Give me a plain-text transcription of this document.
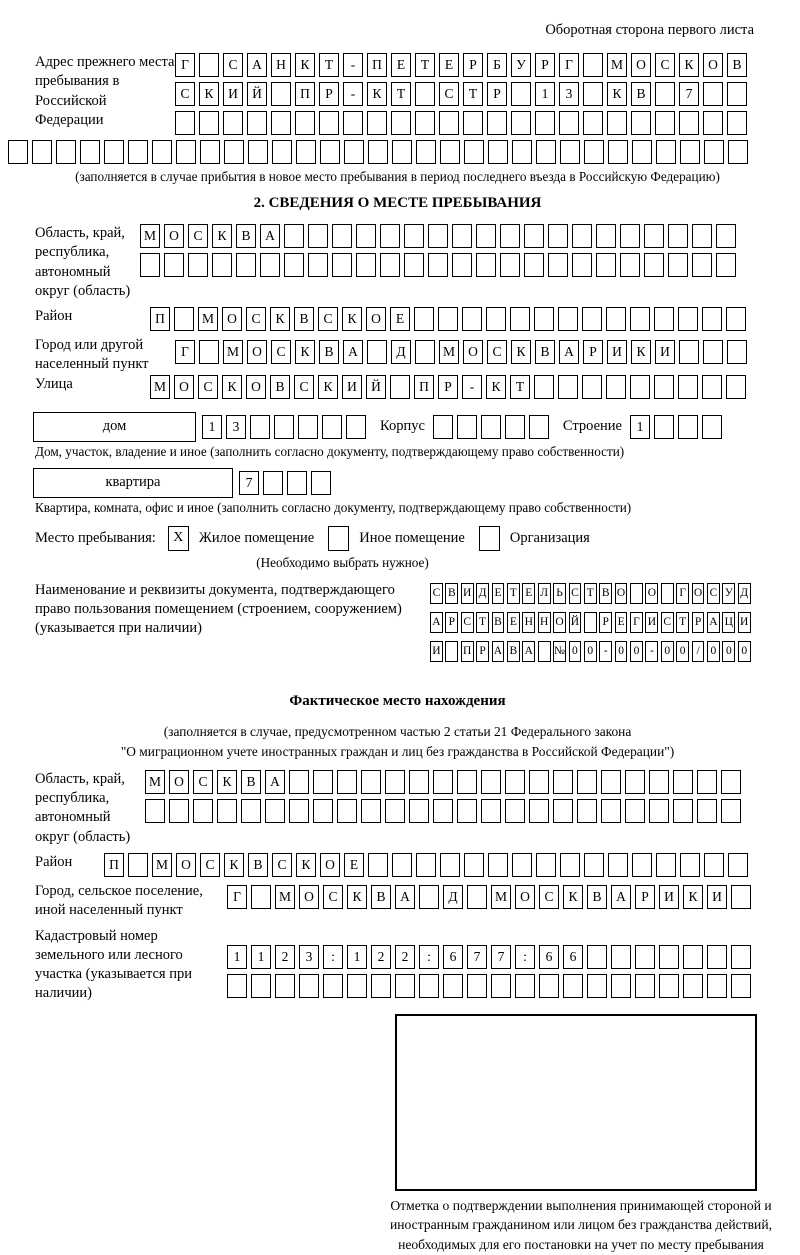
Оборотная сторона первого листа
Адрес прежнего места пребывания в Российской Федерации
Г	С	А	Н	К	Т	-	П	Е	Т	Е	Р	Б	У	Р	Г	М О	С	К	О	В
С	К	И	Й	П	Р	-	К	Т	С	Т	Р	1	3	К	В	7
(заполняется в случае прибытия в новое место пребывания в период последнего въезда в Российскую Федерацию)
2. СВЕДЕНИЯ О МЕСТЕ ПРЕБЫВАНИЯ
Область, край, республика, автономный округ (область)
М О	С	К	В	А
Район	П	М О	С	К	В	С	К	О	Е
Город или другой населенный пункт
Г	М О	С	К	В	А	Д	М О	С	К	В	А	Р	И	К	И
Улица	М О	С	К	О	В	С	К	И	Й	П	Р	-	К	Т
дом	1	3	Корпус	Строение	1
Дом, участок, владение и иное (заполнить согласно документу, подтверждающему право собственности)
квартира	7
Квартира, комната, офис и иное (заполнить согласно документу, подтверждающему право собственности)
Место пребывания:	X	Жилое помещение	Иное помещение	Организация
(Необходимо выбрать нужное)
Наименование и реквизиты документа, подтверждающего право пользования помещением (строением, сооружением) (указывается при наличии)
С В И Д Е Т Е Л Ь С Т В О О Г О С У Д
А Р С Т В Е Н Н О Й Р Е Г И С Т Р А Ц И
И П Р А В А № 0 0 - 0 0 - 0 0 / 0 0 0
Фактическое место нахождения
(заполняется в случае, предусмотренном частью 2 статьи 21 Федерального закона
"О миграционном учете иностранных граждан и лиц без гражданства в Российской Федерации")
Область, край, республика, автономный округ (область)
М О	С	К	В	А
Район	П	М О	С	К	В	С	К	О	Е
Город, сельское поселение, иной населенный пункт
Г	М О	С	К	В	А	Д	М О	С	К	В	А	Р	И	К	И
Кадастровый номер земельного или лесного участка (указывается при наличии)
1	1	2	3	:	1	2	2	:	6	7	7	:	6	6
Отметка о подтверждении выполнения принимающей стороной и иностранным гражданином или лицом без гражданства действий, необходимых для его постановки на учет по месту пребывания
